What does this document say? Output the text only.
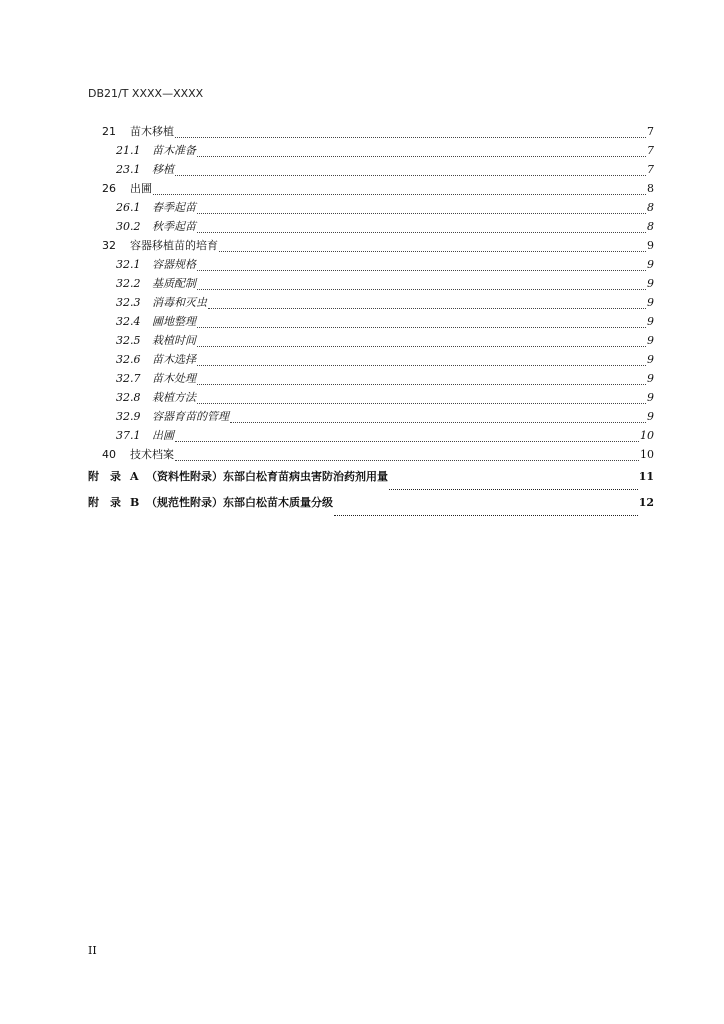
DB21/T XXXX—XXXX
21	苗木移植	7
21.1	苗木准备	7
23.1	移植	7
26	出圃	8
26.1	春季起苗	8
30.2	秋季起苗	8
32	容器移植苗的培育	9
32.1	容器规格	9
32.2	基质配制	9
32.3	消毒和灭虫	9
32.4	圃地整理	9
32.5	栽植时间	9
32.6	苗木选择	9
32.7	苗木处理	9
32.8	栽植方法	9
32.9	容器育苗的管理	9
37.1	出圃	10
40	技术档案	10
附	录 A （资料性附录）东部白松育苗病虫害防治药剂用量	11
附	录 B （规范性附录）东部白松苗木质量分级	12
II
